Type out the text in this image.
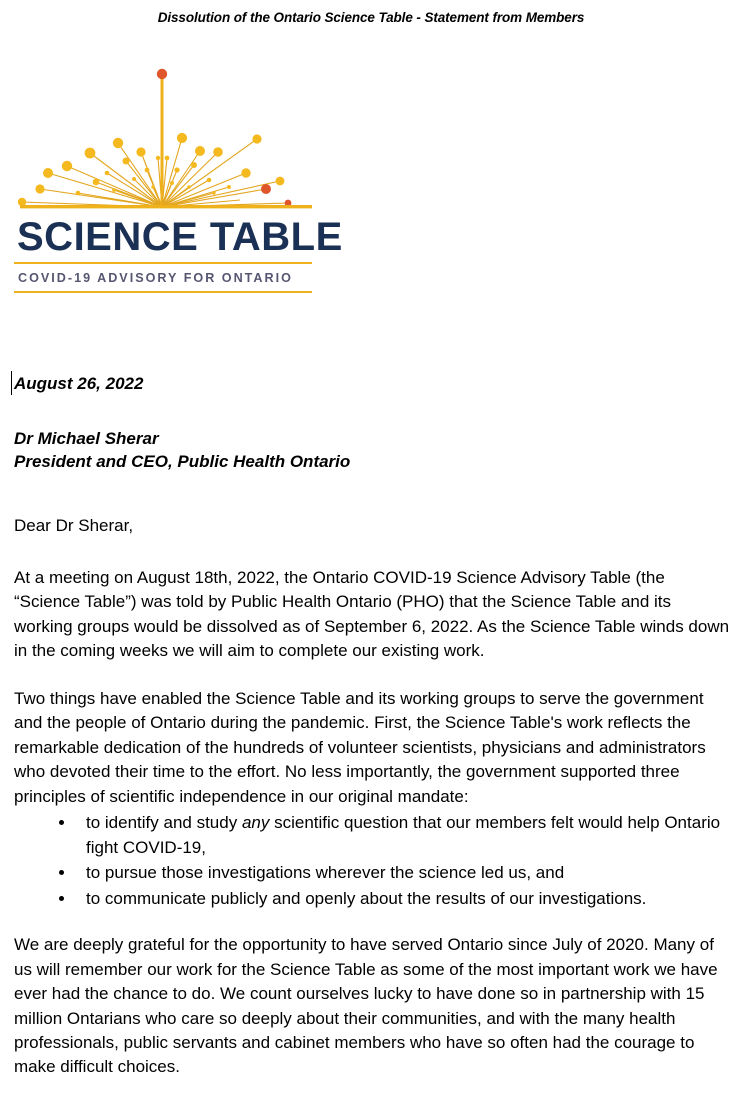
Dissolution of the Ontario Science Table - Statement from Members
SCIENCE TABLE
COVID-19 ADVISORY FOR ONTARIO
August 26, 2022
Dr Michael Sherar
President and CEO, Public Health Ontario

Dear Dr Sherar,

At a meeting on August 18th, 2022, the Ontario COVID-19 Science Advisory Table (the “Science Table”) was told by Public Health Ontario (PHO) that the Science Table and its working groups would be dissolved as of September 6, 2022. As the Science Table winds down in the coming weeks we will aim to complete our existing work.

Two things have enabled the Science Table and its working groups to serve the government and the people of Ontario during the pandemic. First, the Science Table's work reflects the remarkable dedication of the hundreds of volunteer scientists, physicians and administrators who devoted their time to the effort. No less importantly, the government supported three principles of scientific independence in our original mandate:

to identify and study any scientific question that our members felt would help Ontario fight COVID-19,
to pursue those investigations wherever the science led us, and
to communicate publicly and openly about the results of our investigations.

We are deeply grateful for the opportunity to have served Ontario since July of 2020. Many of us will remember our work for the Science Table as some of the most important work we have ever had the chance to do. We count ourselves lucky to have done so in partnership with 15 million Ontarians who care so deeply about their communities, and with the many health professionals, public servants and cabinet members who have so often had the courage to make difficult choices.
